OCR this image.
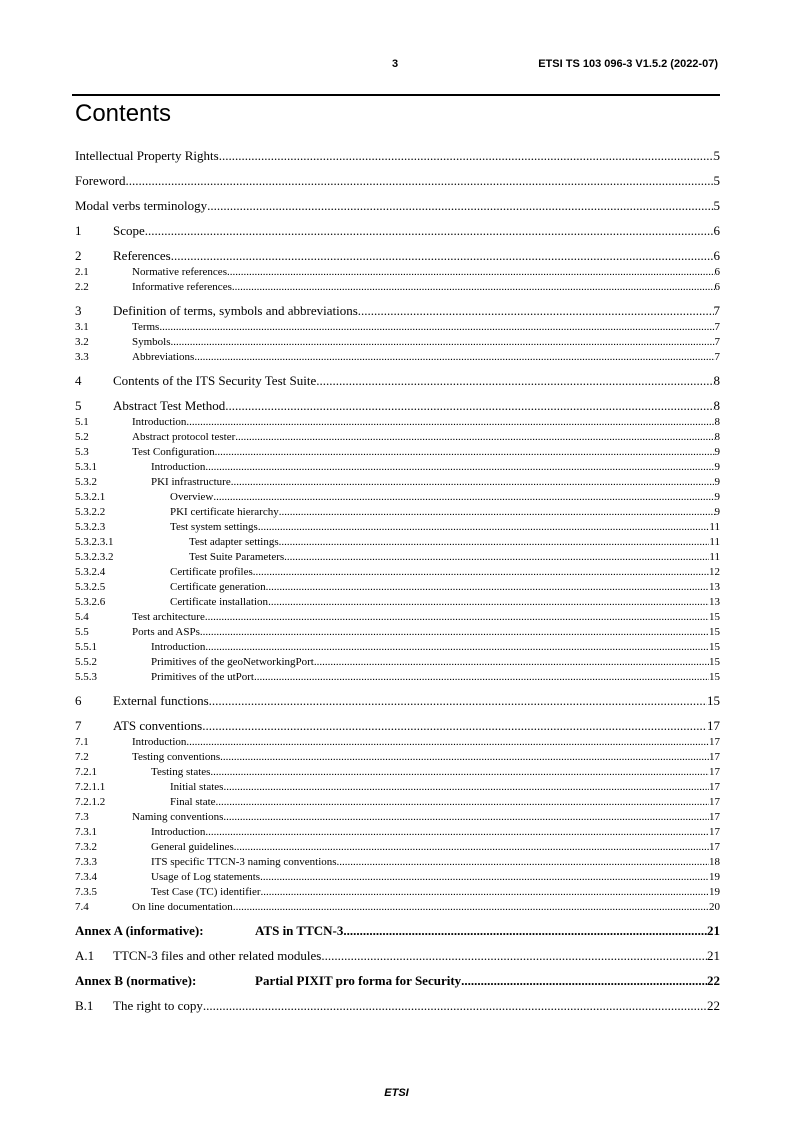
3	ETSI TS 103 096-3 V1.5.2 (2022-07)
Contents
Intellectual Property Rights .....	5
Foreword .....	5
Modal verbs terminology .....	5
1 Scope .....	6
2 References .....	6
2.1	Normative references .....	6
2.2	Informative references .....	6
3 Definition of terms, symbols and abbreviations .....	7
3.1	Terms .....	7
3.2	Symbols .....	7
3.3	Abbreviations .....	7
4 Contents of the ITS Security Test Suite .....	8
5 Abstract Test Method .....	8
5.1	Introduction .....	8
5.2	Abstract protocol tester .....	8
5.3	Test Configuration .....	9
5.3.1	Introduction .....	9
5.3.2	PKI infrastructure .....	9
5.3.2.1	Overview .....	9
5.3.2.2	PKI certificate hierarchy .....	9
5.3.2.3	Test system settings .....	11
5.3.2.3.1	Test adapter settings .....	11
5.3.2.3.2	Test Suite Parameters .....	11
5.3.2.4	Certificate profiles .....	12
5.3.2.5	Certificate generation .....	13
5.3.2.6	Certificate installation .....	13
5.4	Test architecture .....	15
5.5	Ports and ASPs .....	15
5.5.1	Introduction .....	15
5.5.2	Primitives of the geoNetworkingPort .....	15
5.5.3	Primitives of the utPort .....	15
6 External functions .....	15
7 ATS conventions .....	17
7.1	Introduction .....	17
7.2	Testing conventions .....	17
7.2.1	Testing states .....	17
7.2.1.1	Initial states .....	17
7.2.1.2	Final state .....	17
7.3	Naming conventions .....	17
7.3.1	Introduction .....	17
7.3.2	General guidelines .....	17
7.3.3	ITS specific TTCN-3 naming conventions .....	18
7.3.4	Usage of Log statements .....	19
7.3.5	Test Case (TC) identifier .....	19
7.4	On line documentation .....	20
Annex A (informative):	ATS in TTCN-3 .....	21
A.1 TTCN-3 files and other related modules .....	21
Annex B (normative):	Partial PIXIT pro forma for Security .....	22
B.1 The right to copy .....	22
ETSI
